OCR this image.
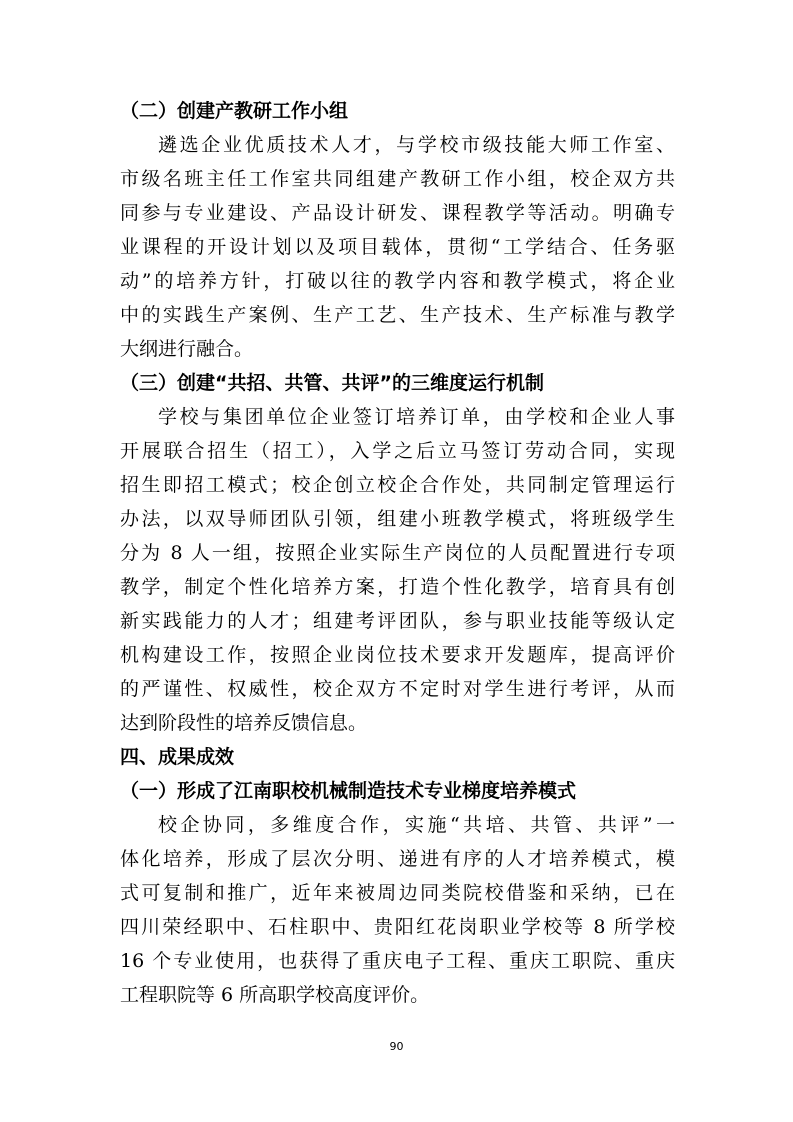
（二）创建产教研工作小组
遴选企业优质技术人才，与学校市级技能大师工作室、
市级名班主任工作室共同组建产教研工作小组，校企双方共
同参与专业建设、产品设计研发、课程教学等活动。明确专
业课程的开设计划以及项目载体，贯彻“工学结合、任务驱
动”的培养方针，打破以往的教学内容和教学模式，将企业
中的实践生产案例、生产工艺、生产技术、生产标准与教学
大纲进行融合。
（三）创建“共招、共管、共评”的三维度运行机制
学校与集团单位企业签订培养订单，由学校和企业人事
开展联合招生（招工），入学之后立马签订劳动合同，实现
招生即招工模式；校企创立校企合作处，共同制定管理运行
办法，以双导师团队引领，组建小班教学模式，将班级学生
分为 8 人一组，按照企业实际生产岗位的人员配置进行专项
教学，制定个性化培养方案，打造个性化教学，培育具有创
新实践能力的人才；组建考评团队，参与职业技能等级认定
机构建设工作，按照企业岗位技术要求开发题库，提高评价
的严谨性、权威性，校企双方不定时对学生进行考评，从而
达到阶段性的培养反馈信息。
四、成果成效
（一）形成了江南职校机械制造技术专业梯度培养模式
校企协同，多维度合作，实施“共培、共管、共评”一
体化培养，形成了层次分明、递进有序的人才培养模式，模
式可复制和推广，近年来被周边同类院校借鉴和采纳，已在
四川荣经职中、石柱职中、贵阳红花岗职业学校等 8 所学校
16 个专业使用，也获得了重庆电子工程、重庆工职院、重庆
工程职院等 6 所高职学校高度评价。
90
